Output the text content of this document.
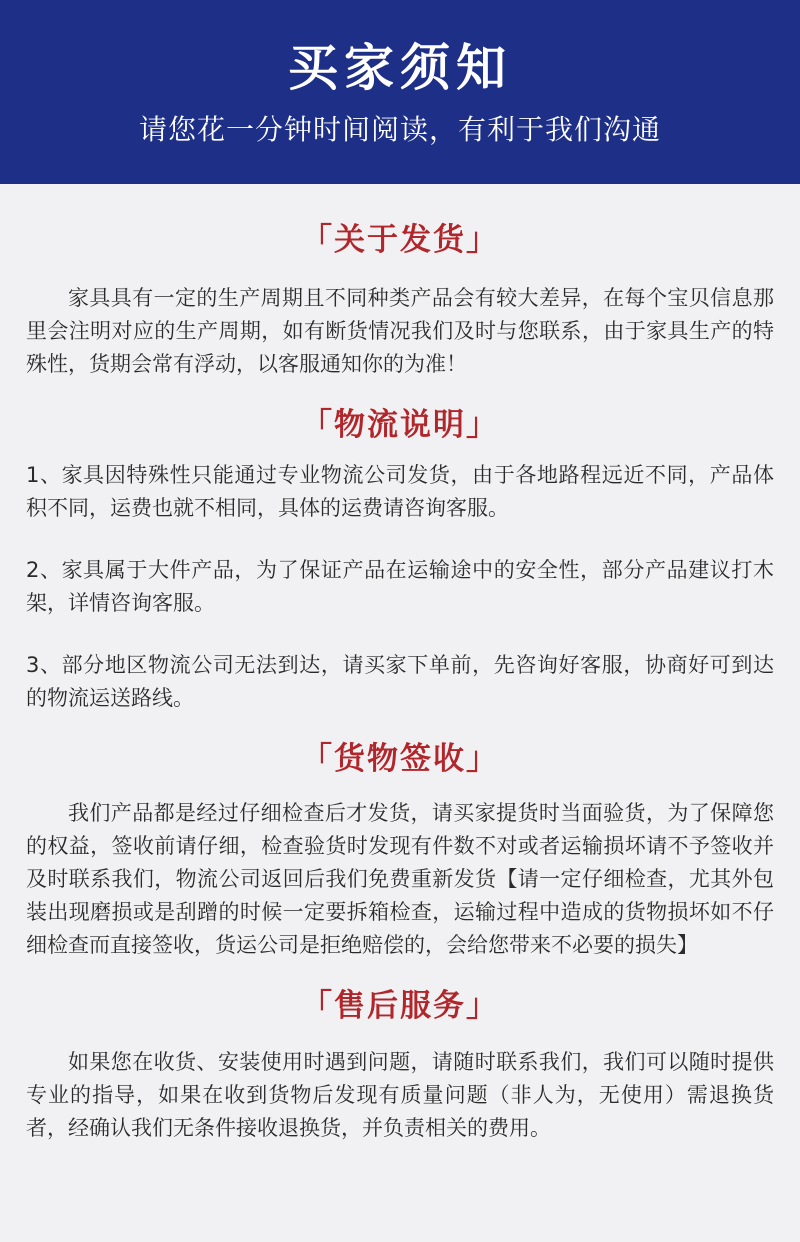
买家须知

请您花一分钟时间阅读，有利于我们沟通

「关于发货」

家具具有一定的生产周期且不同种类产品会有较大差异，在每个宝贝信息那里会注明对应的生产周期，如有断货情况我们及时与您联系，由于家具生产的特殊性，货期会常有浮动，以客服通知你的为准！

「物流说明」

1、家具因特殊性只能通过专业物流公司发货，由于各地路程远近不同，产品体积不同，运费也就不相同，具体的运费请咨询客服。

2、家具属于大件产品，为了保证产品在运输途中的安全性，部分产品建议打木架，详情咨询客服。

3、部分地区物流公司无法到达，请买家下单前，先咨询好客服，协商好可到达的物流运送路线。

「货物签收」

我们产品都是经过仔细检查后才发货，请买家提货时当面验货，为了保障您的权益，签收前请仔细，检查验货时发现有件数不对或者运输损坏请不予签收并及时联系我们，物流公司返回后我们免费重新发货【请一定仔细检查，尤其外包装出现磨损或是刮蹭的时候一定要拆箱检查，运输过程中造成的货物损坏如不仔细检查而直接签收，货运公司是拒绝赔偿的，会给您带来不必要的损失】

「售后服务」

如果您在收货、安装使用时遇到问题，请随时联系我们，我们可以随时提供专业的指导，如果在收到货物后发现有质量问题（非人为，无使用）需退换货者，经确认我们无条件接收退换货，并负责相关的费用。
